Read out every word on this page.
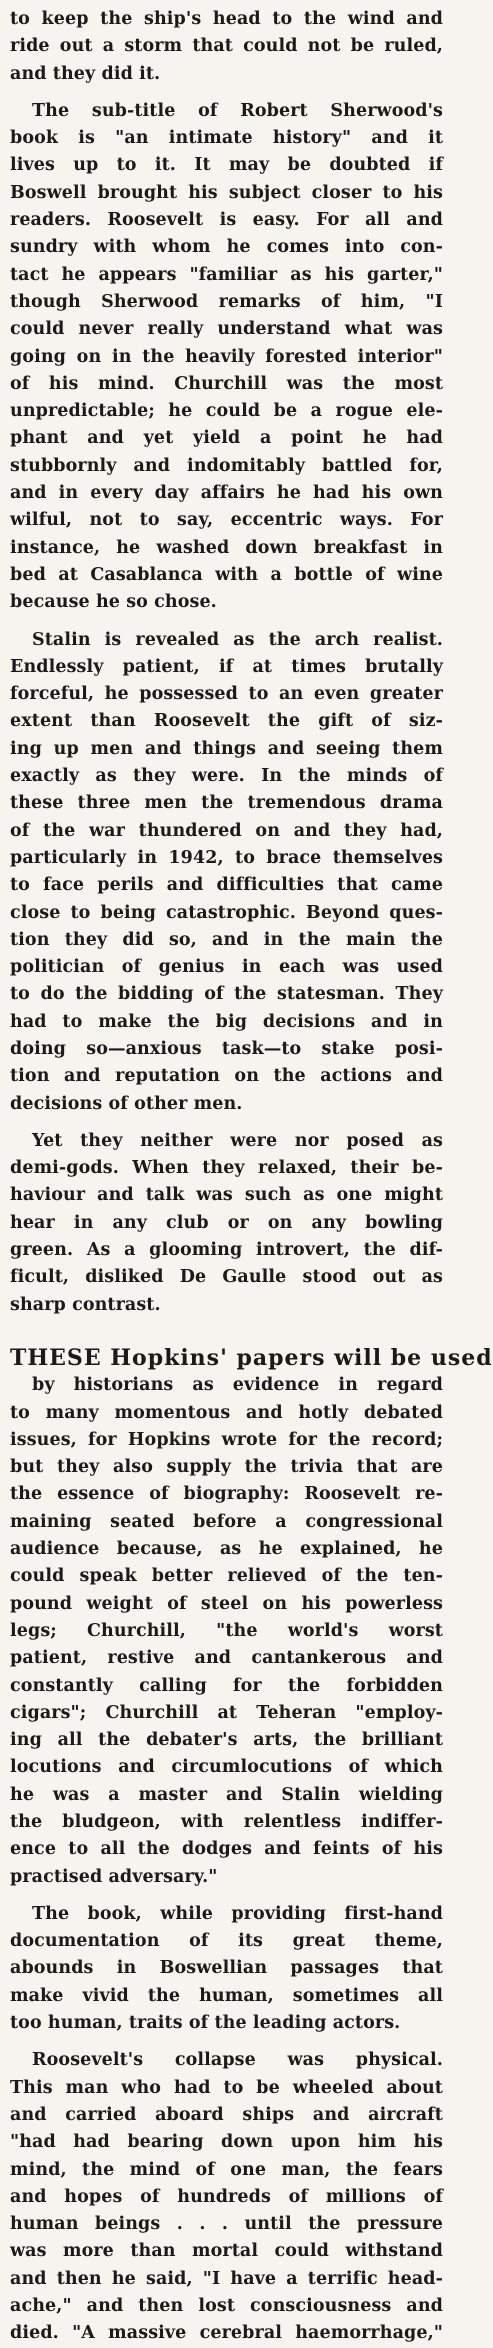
to keep the ship's head to the wind and
ride out a storm that could not be ruled,
and they did it.
The sub-title of Robert Sherwood's
book is "an intimate history" and it
lives up to it. It may be doubted if
Boswell brought his subject closer to his
readers. Roosevelt is easy. For all and
sundry with whom he comes into con-
tact he appears "familiar as his garter,"
though Sherwood remarks of him, "I
could never really understand what was
going on in the heavily forested interior"
of his mind. Churchill was the most
unpredictable; he could be a rogue ele-
phant and yet yield a point he had
stubbornly and indomitably battled for,
and in every day affairs he had his own
wilful, not to say, eccentric ways. For
instance, he washed down breakfast in
bed at Casablanca with a bottle of wine
because he so chose.
Stalin is revealed as the arch realist.
Endlessly patient, if at times brutally
forceful, he possessed to an even greater
extent than Roosevelt the gift of siz-
ing up men and things and seeing them
exactly as they were. In the minds of
these three men the tremendous drama
of the war thundered on and they had,
particularly in 1942, to brace themselves
to face perils and difficulties that came
close to being catastrophic. Beyond ques-
tion they did so, and in the main the
politician of genius in each was used
to do the bidding of the statesman. They
had to make the big decisions and in
doing so—anxious task—to stake posi-
tion and reputation on the actions and
decisions of other men.
Yet they neither were nor posed as
demi-gods. When they relaxed, their be-
haviour and talk was such as one might
hear in any club or on any bowling
green. As a glooming introvert, the dif-
ficult, disliked De Gaulle stood out as
sharp contrast.
THESE Hopkins' papers will be used
by historians as evidence in regard
to many momentous and hotly debated
issues, for Hopkins wrote for the record;
but they also supply the trivia that are
the essence of biography: Roosevelt re-
maining seated before a congressional
audience because, as he explained, he
could speak better relieved of the ten-
pound weight of steel on his powerless
legs; Churchill, "the world's worst
patient, restive and cantankerous and
constantly calling for the forbidden
cigars"; Churchill at Teheran "employ-
ing all the debater's arts, the brilliant
locutions and circumlocutions of which
he was a master and Stalin wielding
the bludgeon, with relentless indiffer-
ence to all the dodges and feints of his
practised adversary."
The book, while providing first-hand
documentation of its great theme,
abounds in Boswellian passages that
make vivid the human, sometimes all
too human, traits of the leading actors.
Roosevelt's collapse was physical.
This man who had to be wheeled about
and carried aboard ships and aircraft
"had had bearing down upon him his
mind, the mind of one man, the fears
and hopes of hundreds of millions of
human beings . . . until the pressure
was more than mortal could withstand
and then he said, "I have a terrific head-
ache," and then lost consciousness and
died. "A massive cerebral haemorrhage,"
